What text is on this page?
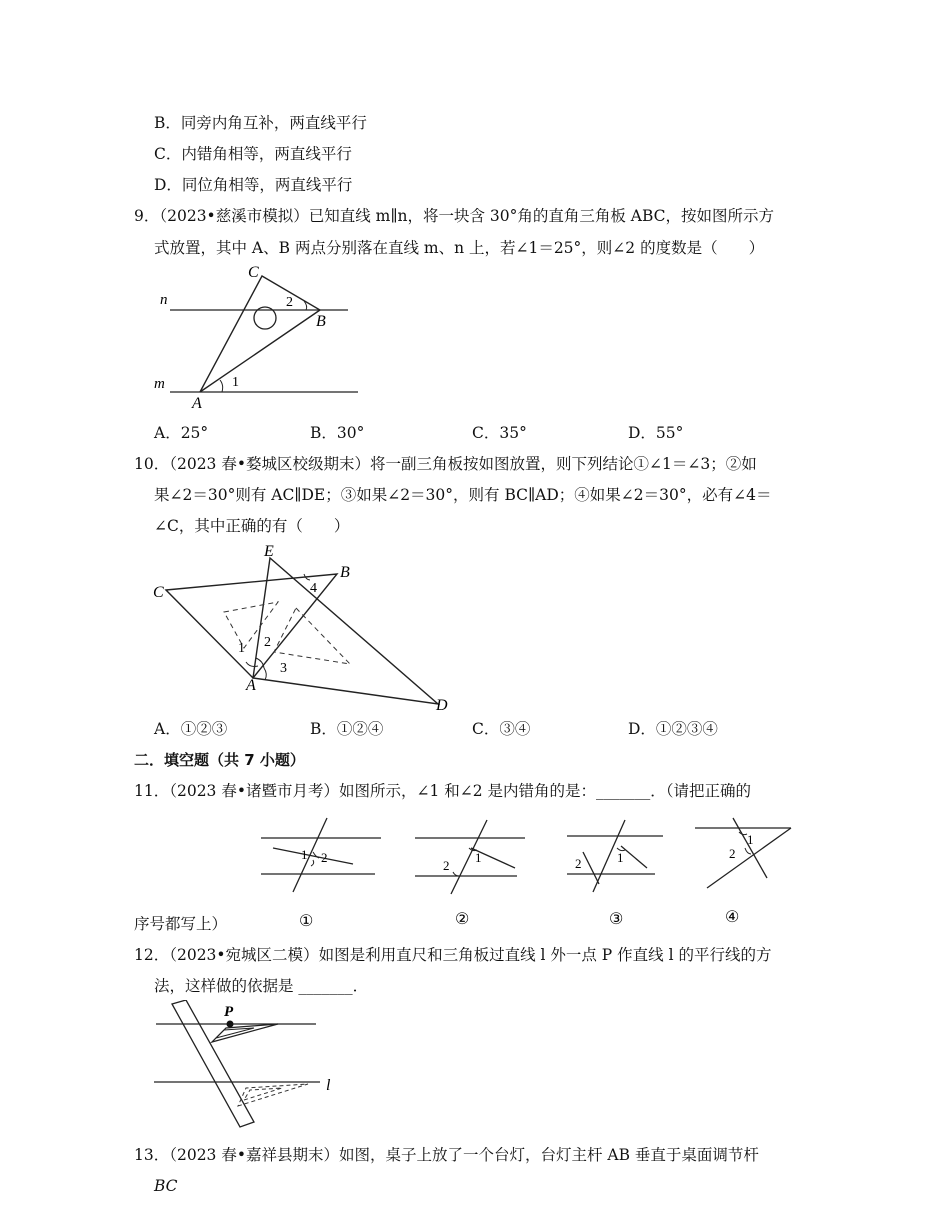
B．同旁内角互补，两直线平行
C．内错角相等，两直线平行
D．同位角相等，两直线平行
9．（2023•慈溪市模拟）已知直线 m∥n，将一块含 30°角的直角三角板 ABC，按如图所示方
式放置，其中 A、B 两点分别落在直线 m、n 上，若∠1＝25°，则∠2 的度数是（　　）
C
n	2
B
m	1
A
A．25°	B．30°	C．35°	D．55°
10．（2023 春•婺城区校级期末）将一副三角板按如图放置，则下列结论①∠1＝∠3；②如
果∠2＝30°则有 AC∥DE；③如果∠2＝30°，则有 BC∥AD；④如果∠2＝30°，必有∠4＝
∠C，其中正确的有（　　）
E
B
C	4
1 2
3
A
D
A．①②③	B．①②④	C．③④	D．①②③④
二．填空题（共 7 小题）
11．（2023 春•诸暨市月考）如图所示，∠1 和∠2 是内错角的是：_______．（请把正确的
1 2
①
1
2
②
1
2
③
1
2
④
序号都写上）
12．（2023•宛城区二模）如图是利用直尺和三角板过直线 l 外一点 P 作直线 l 的平行线的方
法，这样做的依据是 _______．
P
l
13．（2023 春•嘉祥县期末）如图，桌子上放了一个台灯，台灯主杆 AB 垂直于桌面调节杆
BC
